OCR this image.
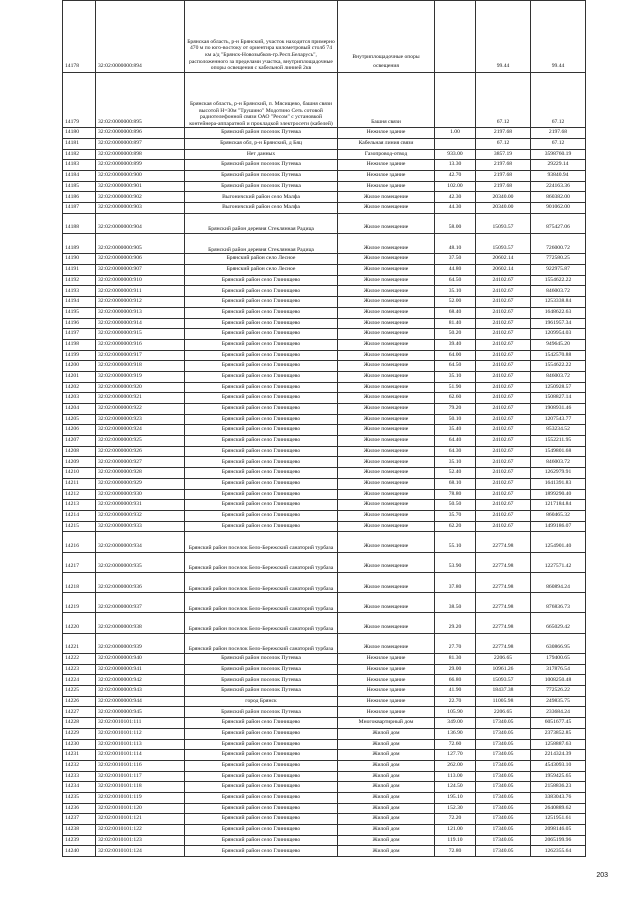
14178	32:02:0000000:894	Брянская область, р-н Брянский, участок находится примерно 470 м по юго-востоку от ориентира километровый столб 74 км а/д "Брянск-Новозыбков-гр.Респ.Беларусь", расположенного за пределами участка, внутриплощадочные опоры освещения с кабельной линией 2кв	Внутриплощадочные опоры освещения		99.44	99.44
14179	32:02:0000000:895	Брянская область, р-н Брянский, п. Мясищево, башня связи высотой Н=30м "Трушино" Модотино Сеть сотовой радиотелефонной связи ОАО "Ресом" с установкой контейнера-аппаратной и прокладкой электросети (кабелей)	Башня связи		67.12	67.12
14180	32:02:0000000:896	Брянский район поселок Путевка	Нежилое здание	1.00	2197.68	2197.68
14181	32:02:0000000:897	Брянская обл, р-н Брянский, д Бяц	Кабельная линия связи		67.12	67.12
14182	32:02:0000000:898	Нет данных	Газопровод-отвод	933.00	3857.19	3598760.19
14183	32:02:0000000:899	Брянский район поселок Путевка	Нежилое здание	13.30	2197.68	29229.14
14184	32:02:0000000:900	Брянский район поселок Путевка	Нежилое здание	42.70	2197.68	93840.94
14185	32:02:0000000:901	Брянский район поселок Путевка	Нежилое здание	102.00	2197.68	224163.36
14186	32:02:0000000:902	Выгоничский район село Малфа	Жилое помещение	42.30	20340.00	860382.00
14187	32:02:0000000:903	Выгоничский район село Малфа	Жилое помещение	44.30	20340.00	901062.00
14188	32:02:0000000:904	Брянский район деревня Стеклянная Радица	Жилое помещение	58.00	15093.57	875427.06
14189	32:02:0000000:905	Брянский район деревня Стеклянная Радица	Жилое помещение	48.10	15093.57	726000.72
14190	32:02:0000000:906	Брянский район село Лесное	Жилое помещение	37.50	20602.14	772580.25
14191	32:02:0000000:907	Брянский район село Лесное	Жилое помещение	44.80	20602.14	922975.87
14192	32:02:0000000:910	Брянский район село Глинищево	Жилое помещение	64.50	24102.67	1554622.22
14193	32:02:0000000:911	Брянский район село Глинищево	Жилое помещение	35.10	24102.67	846003.72
14194	32:02:0000000:912	Брянский район село Глинищево	Жилое помещение	52.00	24102.67	1253338.84
14195	32:02:0000000:913	Брянский район село Глинищево	Жилое помещение	68.40	24102.67	1648622.63
14196	32:02:0000000:914	Брянский район село Глинищево	Жилое помещение	81.40	24102.67	1961957.34
14197	32:02:0000000:915	Брянский район село Глинищево	Жилое помещение	50.20	24102.67	1209954.03
14198	32:02:0000000:916	Брянский район село Глинищево	Жилое помещение	39.40	24102.67	949645.20
14199	32:02:0000000:917	Брянский район село Глинищево	Жилое помещение	64.00	24102.67	1542570.88
14200	32:02:0000000:918	Брянский район село Глинищево	Жилое помещение	64.50	24102.67	1554622.22
14201	32:02:0000000:919	Брянский район село Глинищево	Жилое помещение	35.10	24102.67	846003.72
14202	32:02:0000000:920	Брянский район село Глинищево	Жилое помещение	51.90	24102.67	1250928.57
14203	32:02:0000000:921	Брянский район село Глинищево	Жилое помещение	62.60	24102.67	1508827.14
14204	32:02:0000000:922	Брянский район село Глинищево	Жилое помещение	79.20	24102.67	1908931.46
14205	32:02:0000000:923	Брянский район село Глинищево	Жилое помещение	50.10	24102.67	1207543.77
14206	32:02:0000000:924	Брянский район село Глинищево	Жилое помещение	35.40	24102.67	853234.52
14207	32:02:0000000:925	Брянский район село Глинищево	Жилое помещение	64.40	24102.67	1552211.95
14208	32:02:0000000:926	Брянский район село Глинищево	Жилое помещение	64.30	24102.67	1549801.68
14209	32:02:0000000:927	Брянский район село Глинищево	Жилое помещение	35.10	24102.67	846003.72
14210	32:02:0000000:928	Брянский район село Глинищево	Жилое помещение	52.40	24102.67	1262979.91
14211	32:02:0000000:929	Брянский район село Глинищево	Жилое помещение	68.10	24102.67	1641391.83
14212	32:02:0000000:930	Брянский район село Глинищево	Жилое помещение	78.80	24102.67	1899290.40
14213	32:02:0000000:931	Брянский район село Глинищево	Жилое помещение	50.50	24102.67	1217184.84
14214	32:02:0000000:932	Брянский район село Глинищево	Жилое помещение	35.70	24102.67	860465.32
14215	32:02:0000000:933	Брянский район село Глинищево	Жилое помещение	62.20	24102.67	1499186.07
14216	32:02:0000000:934	Брянский район поселок Бело-Бережский санаторий турбаза	Жилое помещение	55.10	22774.98	1254901.40
14217	32:02:0000000:935	Брянский район поселок Бело-Бережский санаторий турбаза	Жилое помещение	53.90	22774.98	1227571.42
14218	32:02:0000000:936	Брянский район поселок Бело-Бережский санаторий турбаза	Жилое помещение	37.80	22774.98	860894.24
14219	32:02:0000000:937	Брянский район поселок Бело-Бережский санаторий турбаза	Жилое помещение	38.50	22774.98	876836.73
14220	32:02:0000000:938	Брянский район поселок Бело-Бережский санаторий турбаза	Жилое помещение	29.20	22774.98	665029.42
14221	32:02:0000000:939	Брянский район поселок Бело-Бережский санаторий турбаза	Жилое помещение	27.70	22774.98	630866.95
14222	32:02:0000000:940	Брянский район поселок Путевка	Нежилое здание	81.30	2206.65	179400.65
14223	32:02:0000000:941	Брянский район поселок Путевка	Нежилое здание	29.00	10961.26	317876.54
14224	32:02:0000000:942	Брянский район поселок Путевка	Нежилое здание	66.80	15093.57	1008250.48
14225	32:02:0000000:943	Брянский район поселок Путевка	Нежилое здание	41.90	18437.38	772526.22
14226	32:02:0000000:944	город Брянск	Нежилое здание	22.70	11005.98	249835.75
14227	32:02:0000000:945	Брянский район поселок Путевка	Нежилое здание	105.90	2206.65	233684.24
14228	32:02:0010101:111	Брянский район село Глинищево	Многоквартирный дом	349.00	17340.05	6051677.45
14229	32:02:0010101:112	Брянский район село Глинищево	Жилой дом	136.90	17340.05	2373852.85
14230	32:02:0010101:113	Брянский район село Глинищево	Жилой дом	72.60	17340.05	1258887.63
14231	32:02:0010101:114	Брянский район село Глинищево	Жилой дом	127.70	17340.05	2214324.39
14232	32:02:0010101:116	Брянский район село Глинищево	Жилой дом	262.00	17340.05	4543093.10
14233	32:02:0010101:117	Брянский район село Глинищево	Жилой дом	113.00	17340.05	1959425.65
14234	32:02:0010101:118	Брянский район село Глинищево	Жилой дом	124.50	17340.05	2158836.23
14235	32:02:0010101:119	Брянский район село Глинищево	Жилой дом	195.10	17340.05	3383043.76
14236	32:02:0010101:120	Брянский район село Глинищево	Жилой дом	152.30	17340.05	2640889.62
14237	32:02:0010101:121	Брянский район село Глинищево	Жилой дом	72.20	17340.05	1251951.61
14238	32:02:0010101:122	Брянский район село Глинищево	Жилой дом	121.00	17340.05	2098146.05
14239	32:02:0010101:123	Брянский район село Глинищево	Жилой дом	119.10	17340.05	2065199.96
14240	32:02:0010101:124	Брянский район село Глинищево	Жилой дом	72.80	17340.05	1262355.64
203
